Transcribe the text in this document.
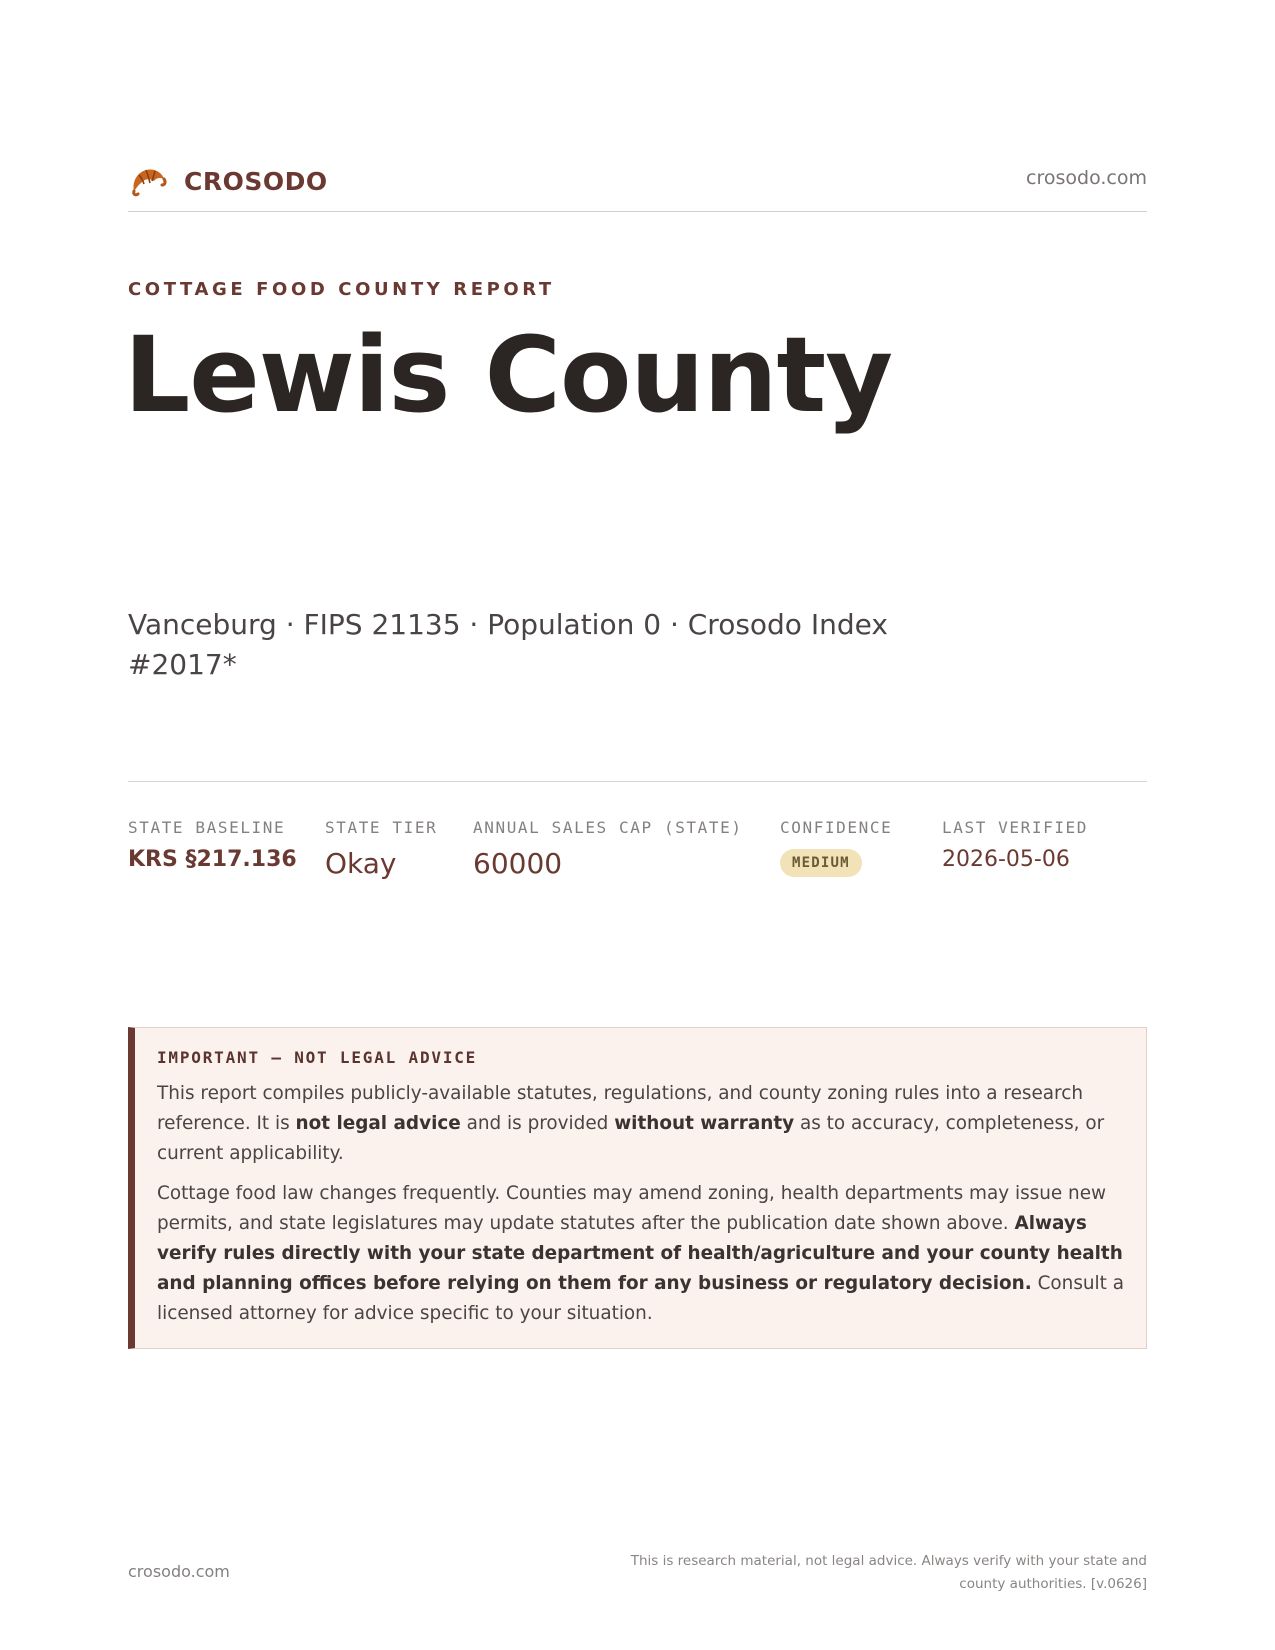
CROSODO	crosodo.com
COTTAGE FOOD COUNTY REPORT
Lewis County
Vanceburg · FIPS 21135 · Population 0 · Crosodo Index #2017*
STATE BASELINE
KRS §217.136
STATE TIER
Okay
ANNUAL SALES CAP (STATE)
60000
CONFIDENCE
MEDIUM
LAST VERIFIED
2026-05-06
IMPORTANT — NOT LEGAL ADVICE

This report compiles publicly-available statutes, regulations, and county zoning rules into a research reference. It is not legal advice and is provided without warranty as to accuracy, completeness, or current applicability.

Cottage food law changes frequently. Counties may amend zoning, health departments may issue new permits, and state legislatures may update statutes after the publication date shown above. Always verify rules directly with your state department of health/agriculture and your county health and planning offices before relying on them for any business or regulatory decision. Consult a licensed attorney for advice specific to your situation.

crosodo.com
This is research material, not legal advice. Always verify with your state and county authorities. [v.0626]
